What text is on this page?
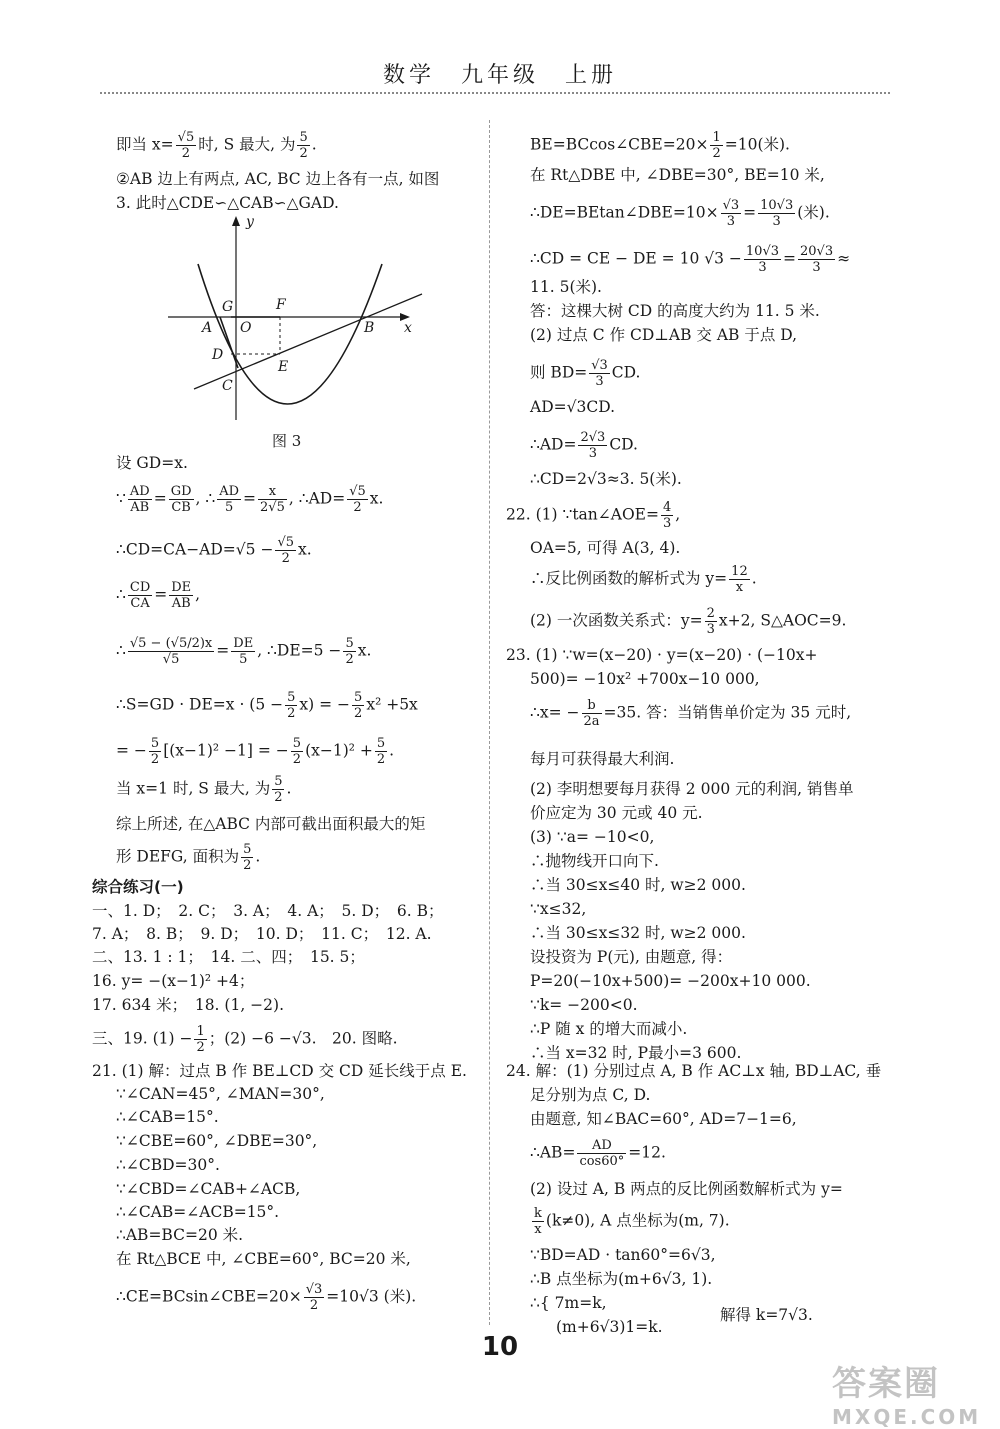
数学　九年级　上册
即当 $x= \frac{√5}{2}$ 时, S 最大, 为 $\frac{5}{2}$ .
②AB 边上有两点, AC, BC 边上各有一点, 如图
3. 此时△CDE∽△CAB∽△GAD.
y
x
G	F
A O	B
D
E
C
图 3
设 GD=x.
∵ $\frac{AD}{AB} = \frac{GD}{CB}$ , ∴ $\frac{AD}{5} = \frac{x}{2√5}$ , ∴AD= $\frac{√5}{2} x$.
∴CD=CA−AD=√5 − $\frac{√5}{2} x$.
∴ $\frac{CD}{CA} = \frac{DE}{AB}$ ,
∴ $\frac{√5 - (√5/2)x}{√5} = \frac{DE}{5}$ , ∴DE=5 − $\frac{5}{2} x$.
∴S=GD · $DE=x \cdot (5 - \frac{5}{2} x)$ = − $\frac{5}{2} x^2 +5x$
= − $\frac{5}{2} [(x-1)^2 -1]$ = − $\frac{5}{2} (x-1)^2 + \frac{5}{2}$ .
当 x=1 时, S 最大, 为 $\frac{5}{2}$ .
综上所述, 在△ABC 内部可截出面积最大的矩
形 DEFG, 面积为 $\frac{5}{2}$ .
综合练习(一)
一、1. D；　2. C；　3. A；　4. A；　5. D；　6. B；
7. A；　8. B；　9. D；　10. D；　11. C；　12. A.
二、13. 1 : 1；　14. 二、四；　15. 5；
16. y= −(x−1)² +4；
17. 634 米；　18. (1, −2).
三、19. $(1) - \frac{1}{2}$ ；(2) −6 −√3.　20. 图略.
21. (1) 解：过点 B 作 BE⊥CD 交 CD 延长线于点 E.
∵∠CAN=45°, ∠MAN=30°,
∴∠CAB=15°.
∵∠CBE=60°, ∠DBE=30°,
∴∠CBD=30°.
∵∠CBD=∠CAB+∠ACB,
∴∠CAB=∠ACB=15°.
∴AB=BC=20 米.
在 Rt△BCE 中, ∠CBE=60°, BC=20 米,
∴CE=BCsin∠CBE=20× $\frac{√3}{2} =10√3$ (米).
BE=BCcos∠CBE=20× $\frac{1}{2} =10$(米).
在 Rt△DBE 中, ∠DBE=30°, BE=10 米,
∴DE=BEtan∠DBE=10× $\frac{√3}{3} = \frac{10√3}{3}$ (米).
∴CD = CE − DE = 10 $√3 - \frac{10√3}{3} = \frac{20√3}{3}$ ≈
11. 5(米).
答：这棵大树 CD 的高度大约为 11. 5 米.
(2) 过点 C 作 CD⊥AB 交 AB 于点 D,
则 $BD= \frac{√3}{3}$ CD.
AD=√3CD.
∴AD= $\frac{2√3}{3}$ CD.
∴CD=2√3≈3. 5(米).
22. (1) ∵tan∠AOE= $\frac{4}{3}$ ,
OA=5, 可得 A(3, 4).
∴反比例函数的解析式为 $y= \frac{12}{x}$ .
(2) 一次函数关系式：$y= \frac{2}{3} x+2$, S△AOC=9.
23. (1) ∵w=(x−20) · y=(x−20) · (−10x+
500)= −10x² +700x−10 000,
∴x= − $\frac{b}{2a} =35$. 答：当销售单价定为 35 元时,
每月可获得最大利润.
(2) 李明想要每月获得 2 000 元的利润, 销售单
价应定为 30 元或 40 元.
(3) ∵a= −10<0,
∴抛物线开口向下.
∴当 30≤x≤40 时, w≥2 000.
∵x≤32,
∴当 30≤x≤32 时, w≥2 000.
设投资为 P(元), 由题意, 得：
P=20(−10x+500)= −200x+10 000.
∵k= −200<0.
∴P 随 x 的增大而减小.
∴当 x=32 时, P最小=3 600.
24. 解：(1) 分别过点 A, B 作 AC⊥x 轴, BD⊥AC, 垂
足分别为点 C, D.
由题意, 知∠BAC=60°, AD=7−1=6,
∴AB= $\frac{AD}{\cos 60^\circ} =12$.
(2) 设过 A, B 两点的反比例函数解析式为 y=
$\frac{k}{x} (k\ne 0)$, A 点坐标为(m, 7).
∵BD=AD · tan60°=6√3,
∴B 点坐标为(m+6√3, 1).
∴{ 7m=k,
(m+6√3)1=k.
解得 k=7√3.
10
答案圈
MXQE.COM
